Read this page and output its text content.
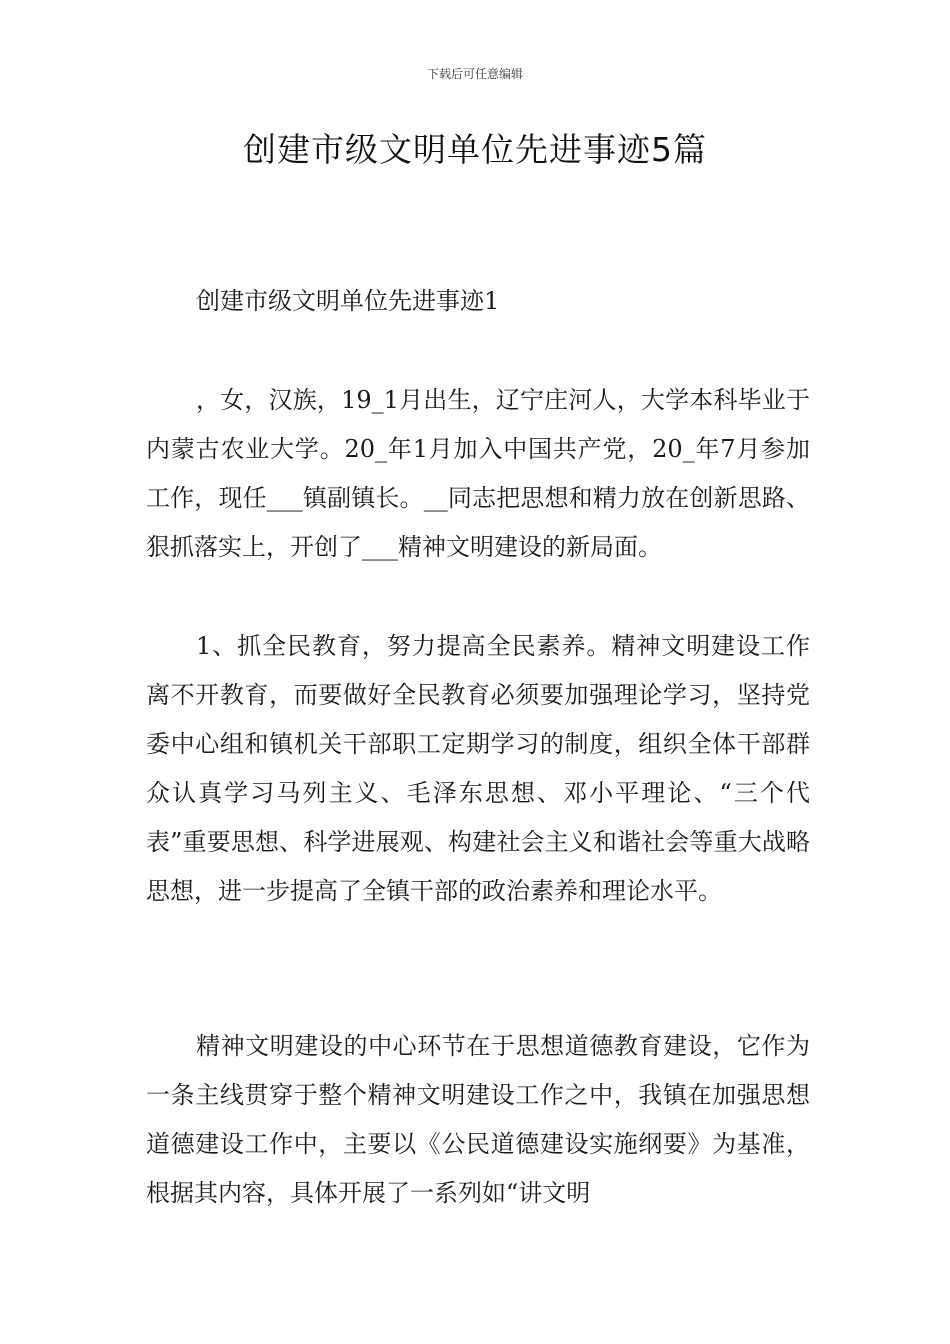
下载后可任意编辑
创建市级文明单位先进事迹5篇
创建市级文明单位先进事迹1

，女，汉族，19_1月出生，辽宁庄河人，大学本科毕业于内蒙古农业大学。20_年1月加入中国共产党，20_年7月参加工作，现任___镇副镇长。__同志把思想和精力放在创新思路、狠抓落实上，开创了___精神文明建设的新局面。

1、抓全民教育，努力提高全民素养。精神文明建设工作离不开教育，而要做好全民教育必须要加强理论学习，坚持党委中心组和镇机关干部职工定期学习的制度，组织全体干部群众认真学习马列主义、毛泽东思想、邓小平理论、“三个代表”重要思想、科学进展观、构建社会主义和谐社会等重大战略思想，进一步提高了全镇干部的政治素养和理论水平。

精神文明建设的中心环节在于思想道德教育建设，它作为一条主线贯穿于整个精神文明建设工作之中，我镇在加强思想道德建设工作中，主要以《公民道德建设实施纲要》为基准，根据其内容，具体开展了一系列如“讲文明
